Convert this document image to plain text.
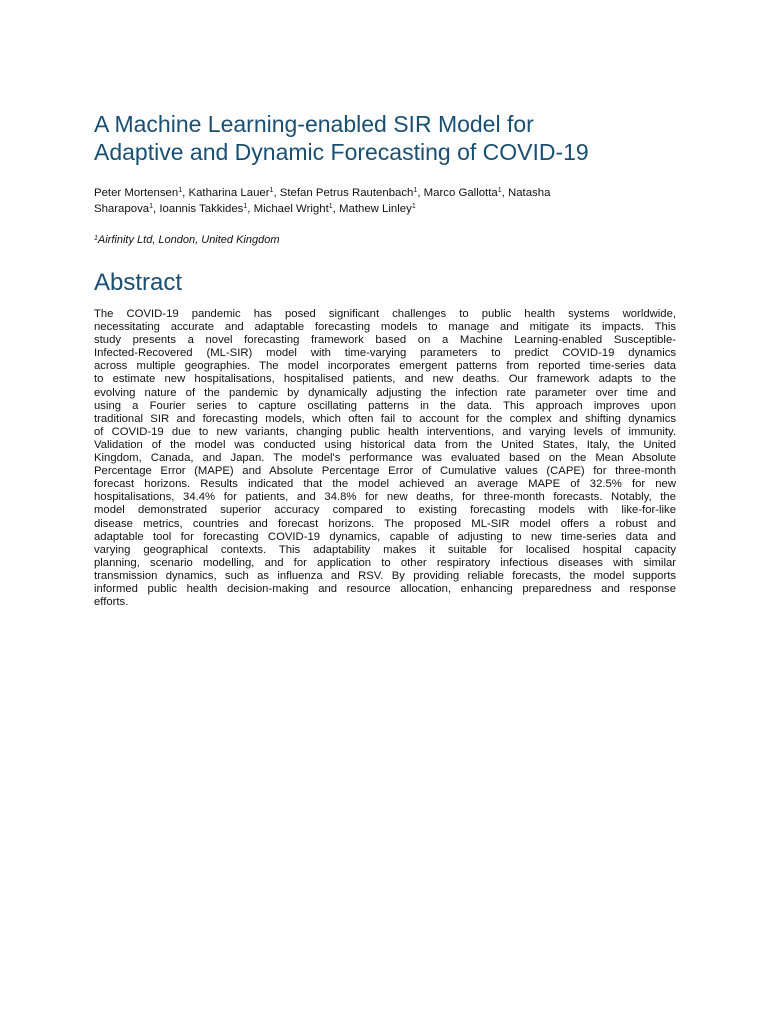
A Machine Learning-enabled SIR Model for
Adaptive and Dynamic Forecasting of COVID-19
Peter Mortensen$^1$, Katharina Lauer$^1$, Stefan Petrus Rautenbach$^1$, Marco Gallotta$^1$, Natasha
Sharapova$^1$, Ioannis Takkides$^1$, Michael Wright$^1$, Mathew Linley$^1$

$^1$Airfinity Ltd, London, United Kingdom

Abstract
The COVID-19 pandemic has posed significant challenges to public health systems worldwide,
necessitating accurate and adaptable forecasting models to manage and mitigate its impacts. This
study presents a novel forecasting framework based on a Machine Learning-enabled Susceptible-
Infected-Recovered (ML-SIR) model with time-varying parameters to predict COVID-19 dynamics
across multiple geographies. The model incorporates emergent patterns from reported time-series data
to estimate new hospitalisations, hospitalised patients, and new deaths. Our framework adapts to the
evolving nature of the pandemic by dynamically adjusting the infection rate parameter over time and
using a Fourier series to capture oscillating patterns in the data. This approach improves upon
traditional SIR and forecasting models, which often fail to account for the complex and shifting dynamics
of COVID-19 due to new variants, changing public health interventions, and varying levels of immunity.
Validation of the model was conducted using historical data from the United States, Italy, the United
Kingdom, Canada, and Japan. The model's performance was evaluated based on the Mean Absolute
Percentage Error (MAPE) and Absolute Percentage Error of Cumulative values (CAPE) for three-month
forecast horizons. Results indicated that the model achieved an average MAPE of 32.5% for new
hospitalisations, 34.4% for patients, and 34.8% for new deaths, for three-month forecasts. Notably, the
model demonstrated superior accuracy compared to existing forecasting models with like-for-like
disease metrics, countries and forecast horizons. The proposed ML-SIR model offers a robust and
adaptable tool for forecasting COVID-19 dynamics, capable of adjusting to new time-series data and
varying geographical contexts. This adaptability makes it suitable for localised hospital capacity
planning, scenario modelling, and for application to other respiratory infectious diseases with similar
transmission dynamics, such as influenza and RSV. By providing reliable forecasts, the model supports
informed public health decision-making and resource allocation, enhancing preparedness and response
efforts.
